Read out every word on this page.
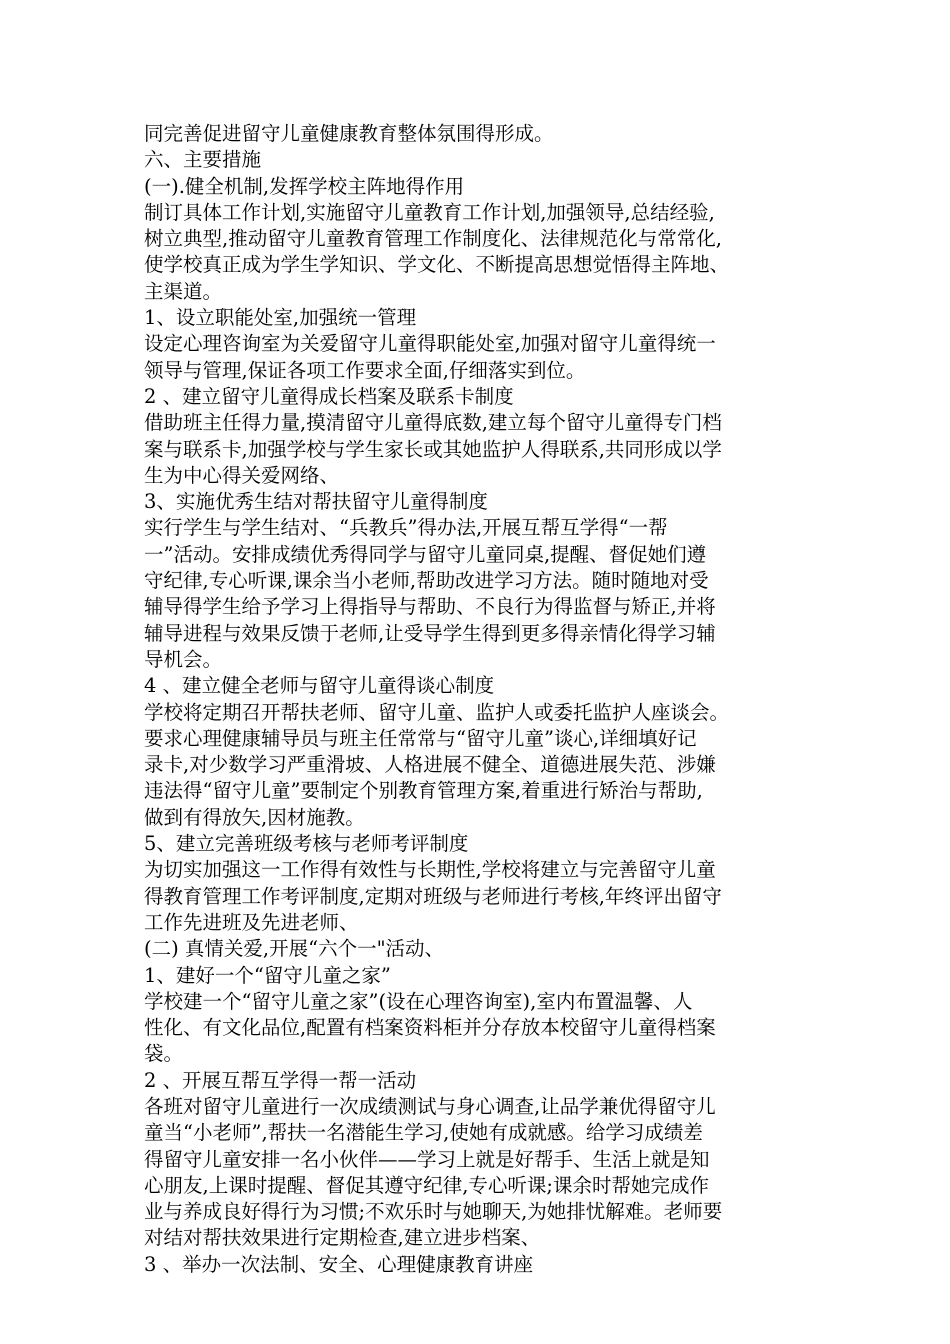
同完善促进留守儿童健康教育整体氛围得形成。
六、主要措施
(一).健全机制,发挥学校主阵地得作用
制订具体工作计划,实施留守儿童教育工作计划,加强领导,总结经验,
树立典型,推动留守儿童教育管理工作制度化、法律规范化与常常化,
使学校真正成为学生学知识、学文化、不断提高思想觉悟得主阵地、
主渠道。
1、设立职能处室,加强统一管理
设定心理咨询室为关爱留守儿童得职能处室,加强对留守儿童得统一
领导与管理,保证各项工作要求全面,仔细落实到位。
2 、建立留守儿童得成长档案及联系卡制度
借助班主任得力量,摸清留守儿童得底数,建立每个留守儿童得专门档
案与联系卡,加强学校与学生家长或其她监护人得联系,共同形成以学
生为中心得关爱网络、
3、实施优秀生结对帮扶留守儿童得制度
实行学生与学生结对、“兵教兵”得办法,开展互帮互学得“一帮
一”活动。安排成绩优秀得同学与留守儿童同桌,提醒、督促她们遵
守纪律,专心听课,课余当小老师,帮助改进学习方法。随时随地对受
辅导得学生给予学习上得指导与帮助、不良行为得监督与矫正,并将
辅导进程与效果反馈于老师,让受导学生得到更多得亲情化得学习辅
导机会。
4 、建立健全老师与留守儿童得谈心制度
学校将定期召开帮扶老师、留守儿童、监护人或委托监护人座谈会。
要求心理健康辅导员与班主任常常与“留守儿童”谈心,详细填好记
录卡,对少数学习严重滑坡、人格进展不健全、道德进展失范、涉嫌
违法得“留守儿童”要制定个别教育管理方案,着重进行矫治与帮助,
做到有得放矢,因材施教。
5、建立完善班级考核与老师考评制度
为切实加强这一工作得有效性与长期性,学校将建立与完善留守儿童
得教育管理工作考评制度,定期对班级与老师进行考核,年终评出留守
工作先进班及先进老师、
(二) 真情关爱,开展“六个一"活动、
1、建好一个“留守儿童之家”
学校建一个“留守儿童之家”(设在心理咨询室),室内布置温馨、人
性化、有文化品位,配置有档案资料柜并分存放本校留守儿童得档案
袋。
2 、开展互帮互学得一帮一活动
各班对留守儿童进行一次成绩测试与身心调查,让品学兼优得留守儿
童当“小老师”,帮扶一名潜能生学习,使她有成就感。给学习成绩差
得留守儿童安排一名小伙伴——学习上就是好帮手、生活上就是知
心朋友,上课时提醒、督促其遵守纪律,专心听课;课余时帮她完成作
业与养成良好得行为习惯;不欢乐时与她聊天,为她排忧解难。老师要
对结对帮扶效果进行定期检查,建立进步档案、
3 、举办一次法制、安全、心理健康教育讲座
